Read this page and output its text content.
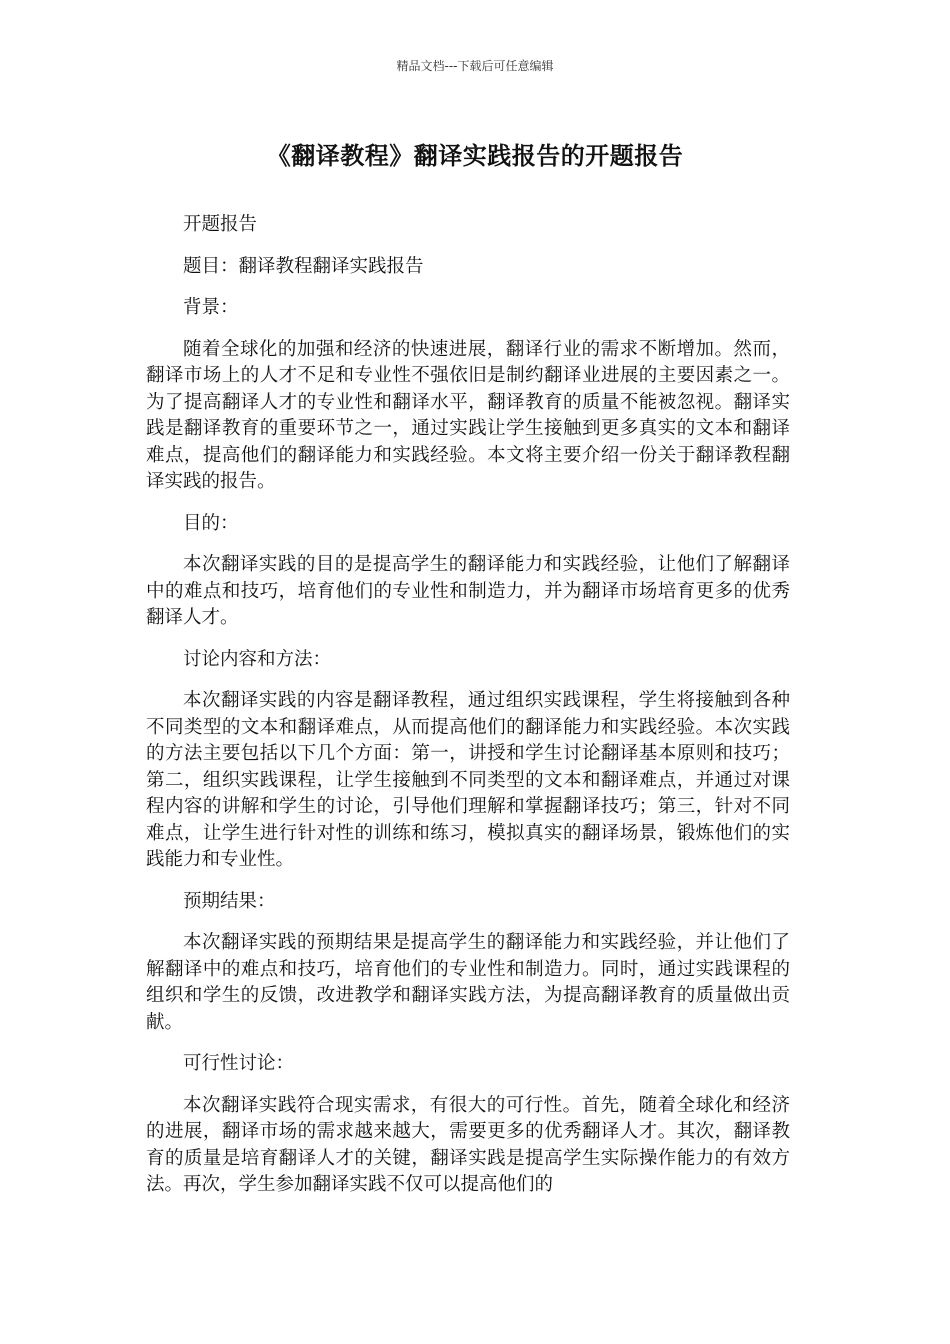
精品文档---下载后可任意编辑
《翻译教程》翻译实践报告的开题报告

开题报告

题目：翻译教程翻译实践报告

背景：

随着全球化的加强和经济的快速进展，翻译行业的需求不断增加。然而，翻译市场上的人才不足和专业性不强依旧是制约翻译业进展的主要因素之一。为了提高翻译人才的专业性和翻译水平，翻译教育的质量不能被忽视。翻译实践是翻译教育的重要环节之一，通过实践让学生接触到更多真实的文本和翻译难点，提高他们的翻译能力和实践经验。本文将主要介绍一份关于翻译教程翻译实践的报告。

目的：

本次翻译实践的目的是提高学生的翻译能力和实践经验，让他们了解翻译中的难点和技巧，培育他们的专业性和制造力，并为翻译市场培育更多的优秀翻译人才。

讨论内容和方法：

本次翻译实践的内容是翻译教程，通过组织实践课程，学生将接触到各种不同类型的文本和翻译难点，从而提高他们的翻译能力和实践经验。本次实践的方法主要包括以下几个方面：第一，讲授和学生讨论翻译基本原则和技巧；第二，组织实践课程，让学生接触到不同类型的文本和翻译难点，并通过对课程内容的讲解和学生的讨论，引导他们理解和掌握翻译技巧；第三，针对不同难点，让学生进行针对性的训练和练习，模拟真实的翻译场景，锻炼他们的实践能力和专业性。

预期结果：

本次翻译实践的预期结果是提高学生的翻译能力和实践经验，并让他们了解翻译中的难点和技巧，培育他们的专业性和制造力。同时，通过实践课程的组织和学生的反馈，改进教学和翻译实践方法，为提高翻译教育的质量做出贡献。

可行性讨论：

本次翻译实践符合现实需求，有很大的可行性。首先，随着全球化和经济的进展，翻译市场的需求越来越大，需要更多的优秀翻译人才。其次，翻译教育的质量是培育翻译人才的关键，翻译实践是提高学生实际操作能力的有效方法。再次，学生参加翻译实践不仅可以提高他们的
